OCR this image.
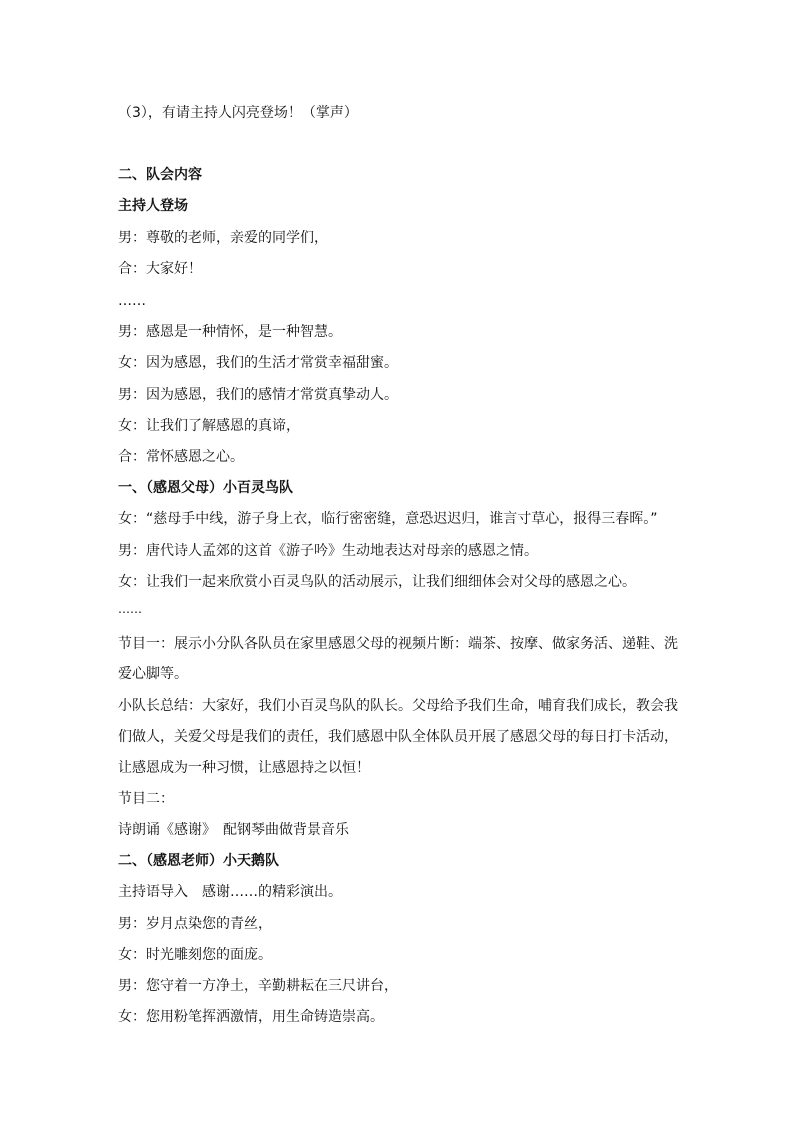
（3），有请主持人闪亮登场！（掌声）
二、队会内容
主持人登场
男：尊敬的老师，亲爱的同学们，
合：大家好！
……
男：感恩是一种情怀，是一种智慧。
女：因为感恩，我们的生活才常赏幸福甜蜜。
男：因为感恩，我们的感情才常赏真挚动人。
女：让我们了解感恩的真谛，
合：常怀感恩之心。
一、（感恩父母）小百灵鸟队
女：“慈母手中线，游子身上衣，临行密密缝，意恐迟迟归，谁言寸草心，报得三春晖。”
男：唐代诗人孟郊的这首《游子吟》生动地表达对母亲的感恩之情。
女：让我们一起来欣赏小百灵鸟队的活动展示，让我们细细体会对父母的感恩之心。
……
节目一：展示小分队各队员在家里感恩父母的视频片断：端茶、按摩、做家务活、递鞋、洗
爱心脚等。
小队长总结：大家好，我们小百灵鸟队的队长。父母给予我们生命，哺育我们成长，教会我
们做人，关爱父母是我们的责任，我们感恩中队全体队员开展了感恩父母的每日打卡活动，
让感恩成为一种习惯，让感恩持之以恒！
节目二：
诗朗诵《感谢》　配钢琴曲做背景音乐
二、（感恩老师）小天鹅队
主持语导入　感谢……的精彩演出。
男：岁月点染您的青丝，
女：时光雕刻您的面庞。
男：您守着一方净土，辛勤耕耘在三尺讲台，
女：您用粉笔挥洒激情，用生命铸造崇高。
